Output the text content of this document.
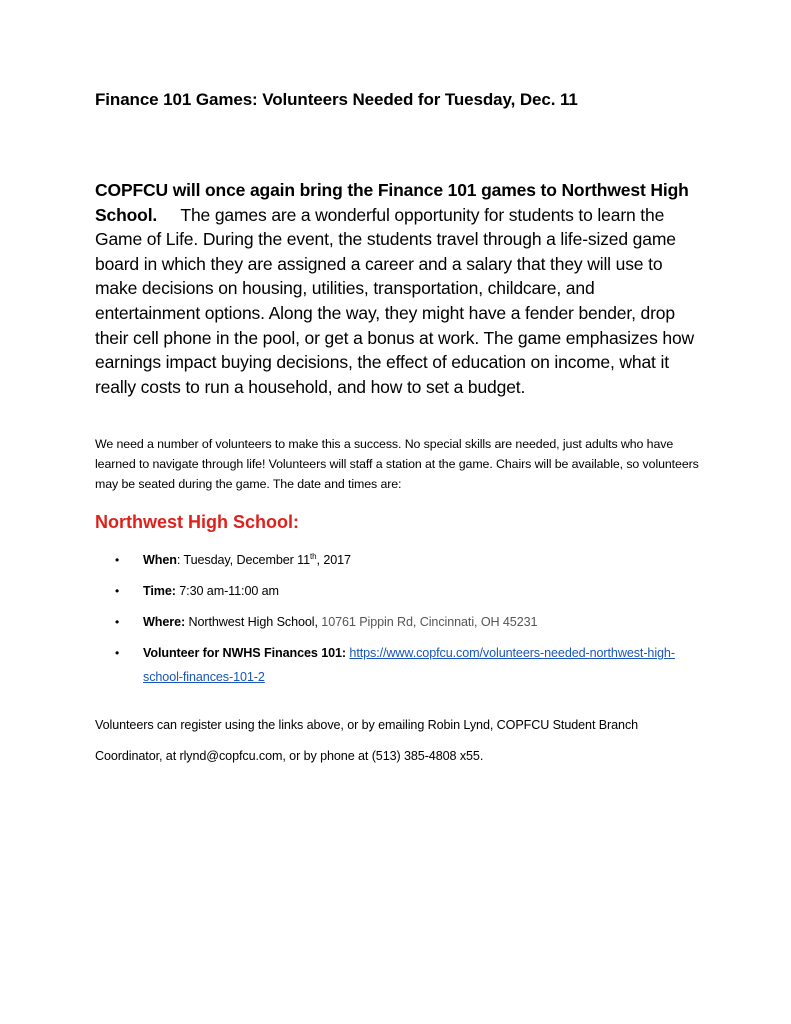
Finance 101 Games: Volunteers Needed for Tuesday, Dec. 11
COPFCU will once again bring the Finance 101 games to Northwest High School. The games are a wonderful opportunity for students to learn the Game of Life. During the event, the students travel through a life-sized game board in which they are assigned a career and a salary that they will use to make decisions on housing, utilities, transportation, childcare, and entertainment options. Along the way, they might have a fender bender, drop their cell phone in the pool, or get a bonus at work. The game emphasizes how earnings impact buying decisions, the effect of education on income, what it really costs to run a household, and how to set a budget.
We need a number of volunteers to make this a success. No special skills are needed, just adults who have learned to navigate through life! Volunteers will staff a station at the game. Chairs will be available, so volunteers may be seated during the game. The date and times are:
Northwest High School:
• When: Tuesday, December 11th, 2017
• Time: 7:30 am-11:00 am
• Where: Northwest High School, 10761 Pippin Rd, Cincinnati, OH 45231
• Volunteer for NWHS Finances 101: https://www.copfcu.com/volunteers-needed-northwest-high-school-finances-101-2
Volunteers can register using the links above, or by emailing Robin Lynd, COPFCU Student Branch Coordinator, at rlynd@copfcu.com, or by phone at (513) 385-4808 x55.
